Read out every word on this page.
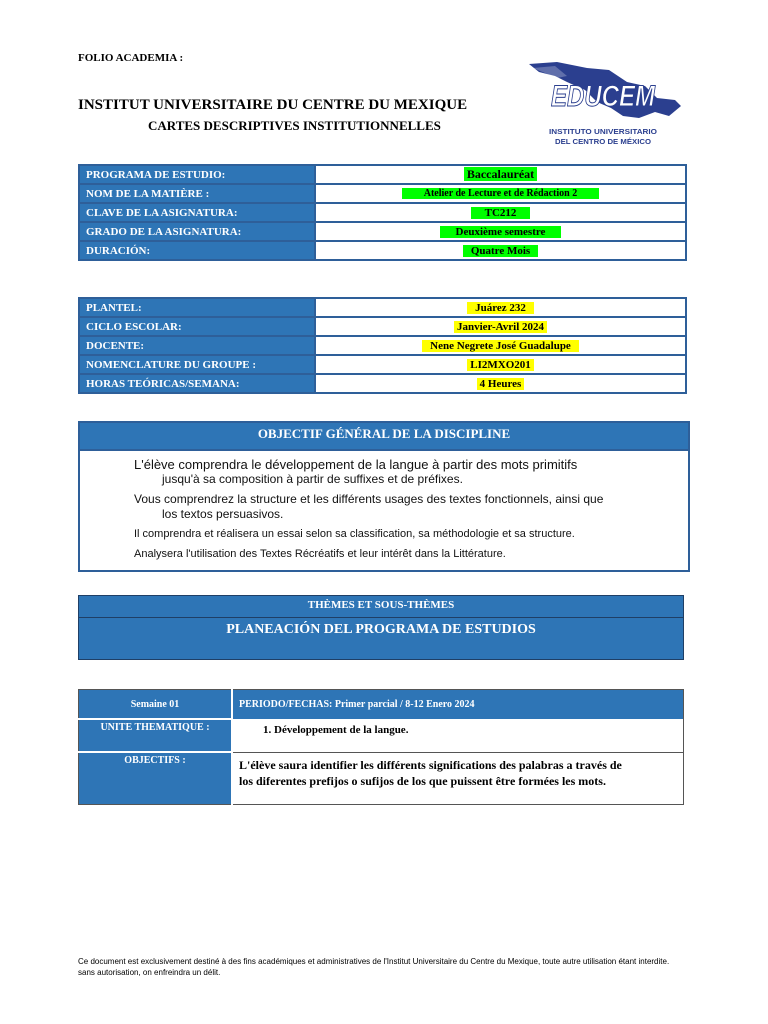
FOLIO ACADEMIA :
INSTITUT UNIVERSITAIRE DU CENTRE DU MEXIQUE
CARTES DESCRIPTIVES INSTITUTIONNELLES
EDUCEM
INSTITUTO UNIVERSITARIO
DEL CENTRO DE MÉXICO
PROGRAMA DE ESTUDIO:	Baccalauréat
NOM DE LA MATIÈRE :	Atelier de Lecture et de Rédaction 2
CLAVE DE LA ASIGNATURA:	TC212
GRADO DE LA ASIGNATURA:	Deuxième semestre
DURACIÓN:	Quatre Mois
PLANTEL:	Juárez 232
CICLO ESCOLAR:	Janvier-Avril 2024
DOCENTE:	Nene Negrete José Guadalupe
NOMENCLATURE DU GROUPE :	LI2MXO201
HORAS TEÓRICAS/SEMANA:	4 Heures
OBJECTIF GÉNÉRAL DE LA DISCIPLINE

L'élève comprendra le développement de la langue à partir des mots primitifs

jusqu'à sa composition à partir de suffixes et de préfixes.

Vous comprendrez la structure et les différents usages des textes fonctionnels, ainsi que

los textos persuasivos.

Il comprendra et réalisera un essai selon sa classification, sa méthodologie et sa structure.

Analysera l'utilisation des Textes Récréatifs et leur intérêt dans la Littérature.

THÈMES ET SOUS-THÈMES
PLANEACIÓN DEL PROGRAMA DE ESTUDIOS
Semaine 01	PERIODO/FECHAS: Primer parcial / 8-12 Enero 2024
UNITE THEMATIQUE :	1. Développement de la langue.
OBJECTIFS :	L'élève saura identifier les différents significations des palabras a través de los diferentes prefijos o sufijos de los que puissent être formées les mots.
Ce document est exclusivement destiné à des fins académiques et administratives de l'Institut Universitaire du Centre du Mexique, toute autre utilisation étant interdite.
sans autorisation, on enfreindra un délit.
